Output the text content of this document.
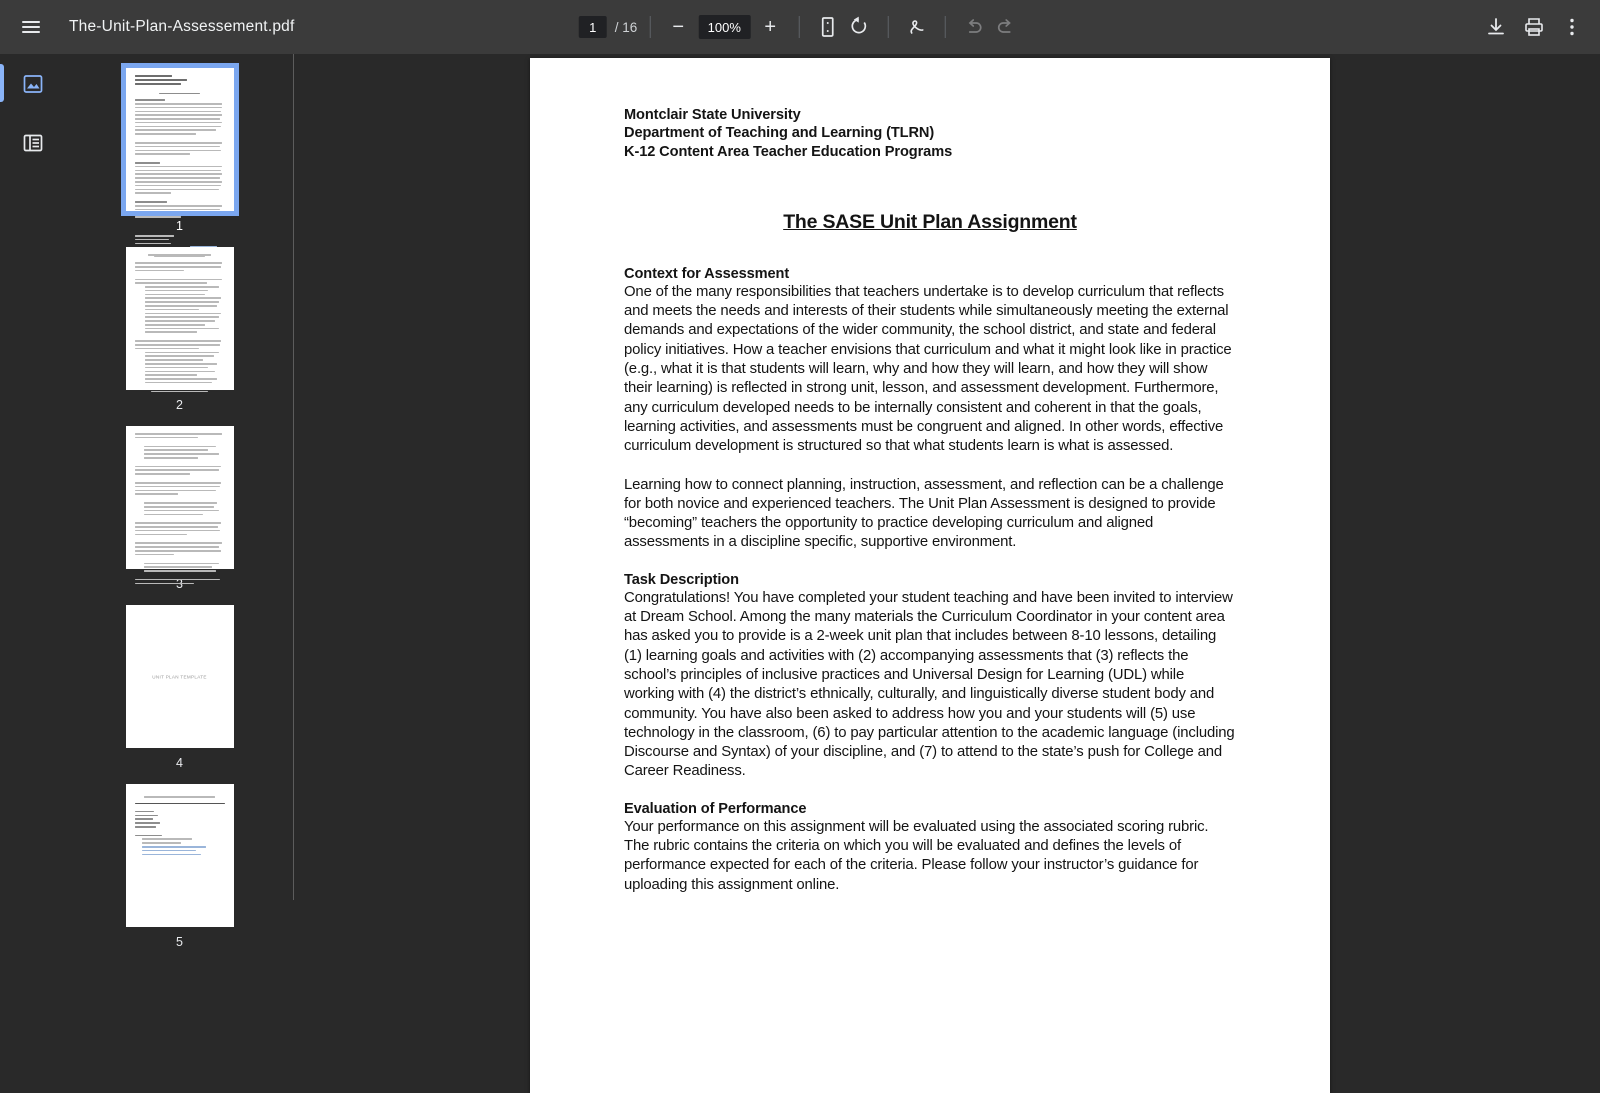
The-Unit-Plan-Assessement.pdf
1	/ 16 −
100%	+
1
2
UNIT PLAN TEMPLATE
4
5
Montclair State University
Department of Teaching and Learning (TLRN)
K-12 Content Area Teacher Education Programs
The SASE Unit Plan Assignment
Context for Assessment
One of the many responsibilities that teachers undertake is to develop curriculum that reflects and meets the needs and interests of their students while simultaneously meeting the external demands and expectations of the wider community, the school district, and state and federal policy initiatives. How a teacher envisions that curriculum and what it might look like in practice (e.g., what it is that students will learn, why and how they will learn, and how they will show their learning) is reflected in strong unit, lesson, and assessment development. Furthermore, any curriculum developed needs to be internally consistent and coherent in that the goals, learning activities, and assessments must be congruent and aligned. In other words, effective curriculum development is structured so that what students learn is what is assessed.
Learning how to connect planning, instruction, assessment, and reflection can be a challenge for both novice and experienced teachers. The Unit Plan Assessment is designed to provide “becoming” teachers the opportunity to practice developing curriculum and aligned assessments in a discipline specific, supportive environment.
Task Description
Congratulations! You have completed your student teaching and have been invited to interview at Dream School. Among the many materials the Curriculum Coordinator in your content area has asked you to provide is a 2-week unit plan that includes between 8-10 lessons, detailing (1) learning goals and activities with (2) accompanying assessments that (3) reflects the school’s principles of inclusive practices and Universal Design for Learning (UDL) while working with (4) the district’s ethnically, culturally, and linguistically diverse student body and community. You have also been asked to address how you and your students will (5) use technology in the classroom, (6) to pay particular attention to the academic language (including Discourse and Syntax) of your discipline, and (7) to attend to the state’s push for College and Career Readiness.
Evaluation of Performance
Your performance on this assignment will be evaluated using the associated scoring rubric. The rubric contains the criteria on which you will be evaluated and defines the levels of performance expected for each of the criteria. Please follow your instructor’s guidance for uploading this assignment online.
